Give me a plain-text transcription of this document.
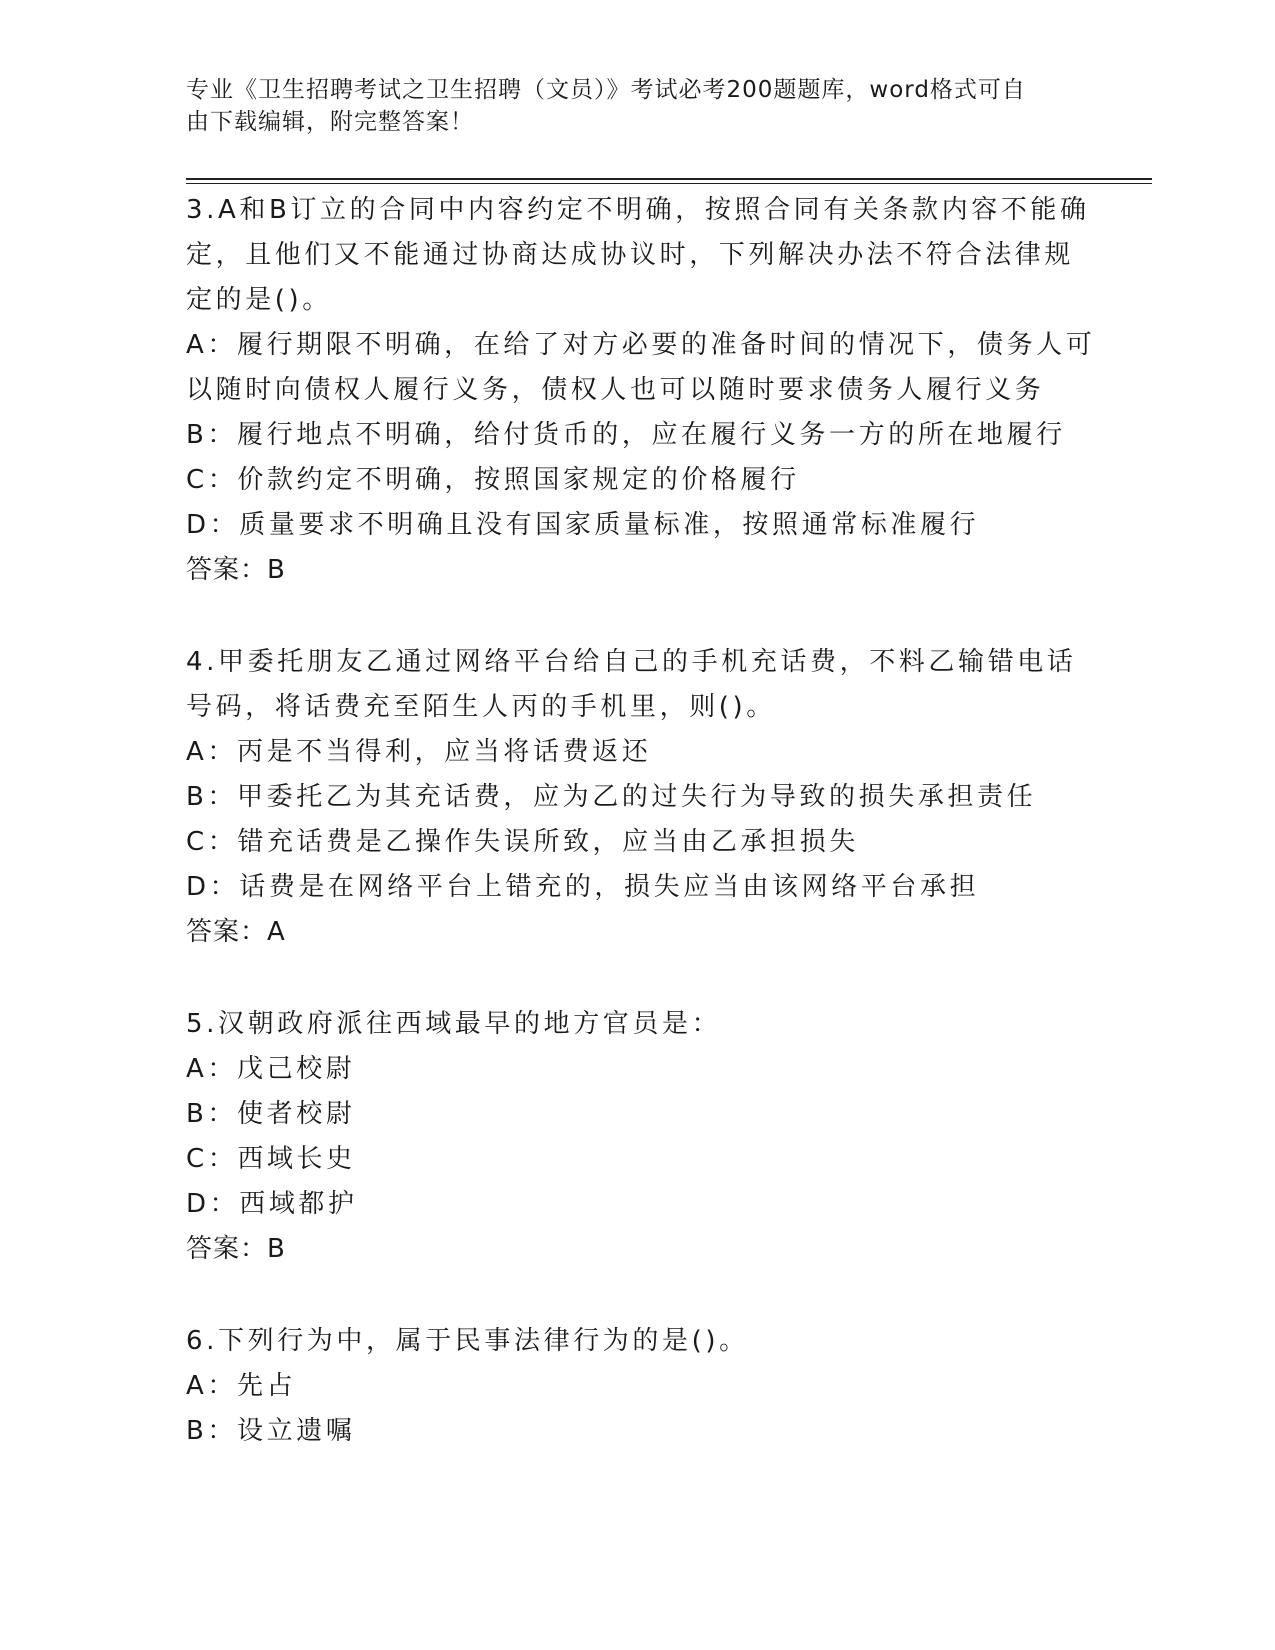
专业《卫生招聘考试之卫生招聘（文员）》考试必考200题题库，word格式可自
由下载编辑，附完整答案！
3.A和B订立的合同中内容约定不明确，按照合同有关条款内容不能确
定，且他们又不能通过协商达成协议时，下列解决办法不符合法律规
定的是()。
A：履行期限不明确，在给了对方必要的准备时间的情况下，债务人可
以随时向债权人履行义务，债权人也可以随时要求债务人履行义务
B：履行地点不明确，给付货币的，应在履行义务一方的所在地履行
C：价款约定不明确，按照国家规定的价格履行
D：质量要求不明确且没有国家质量标准，按照通常标准履行
答案：B
4.甲委托朋友乙通过网络平台给自己的手机充话费，不料乙输错电话
号码，将话费充至陌生人丙的手机里，则()。
A：丙是不当得利，应当将话费返还
B：甲委托乙为其充话费，应为乙的过失行为导致的损失承担责任
C：错充话费是乙操作失误所致，应当由乙承担损失
D：话费是在网络平台上错充的，损失应当由该网络平台承担
答案：A
5.汉朝政府派往西域最早的地方官员是：
A：戊己校尉
B：使者校尉
C：西域长史
D：西域都护
答案：B
6.下列行为中，属于民事法律行为的是()。
A：先占
B：设立遗嘱
